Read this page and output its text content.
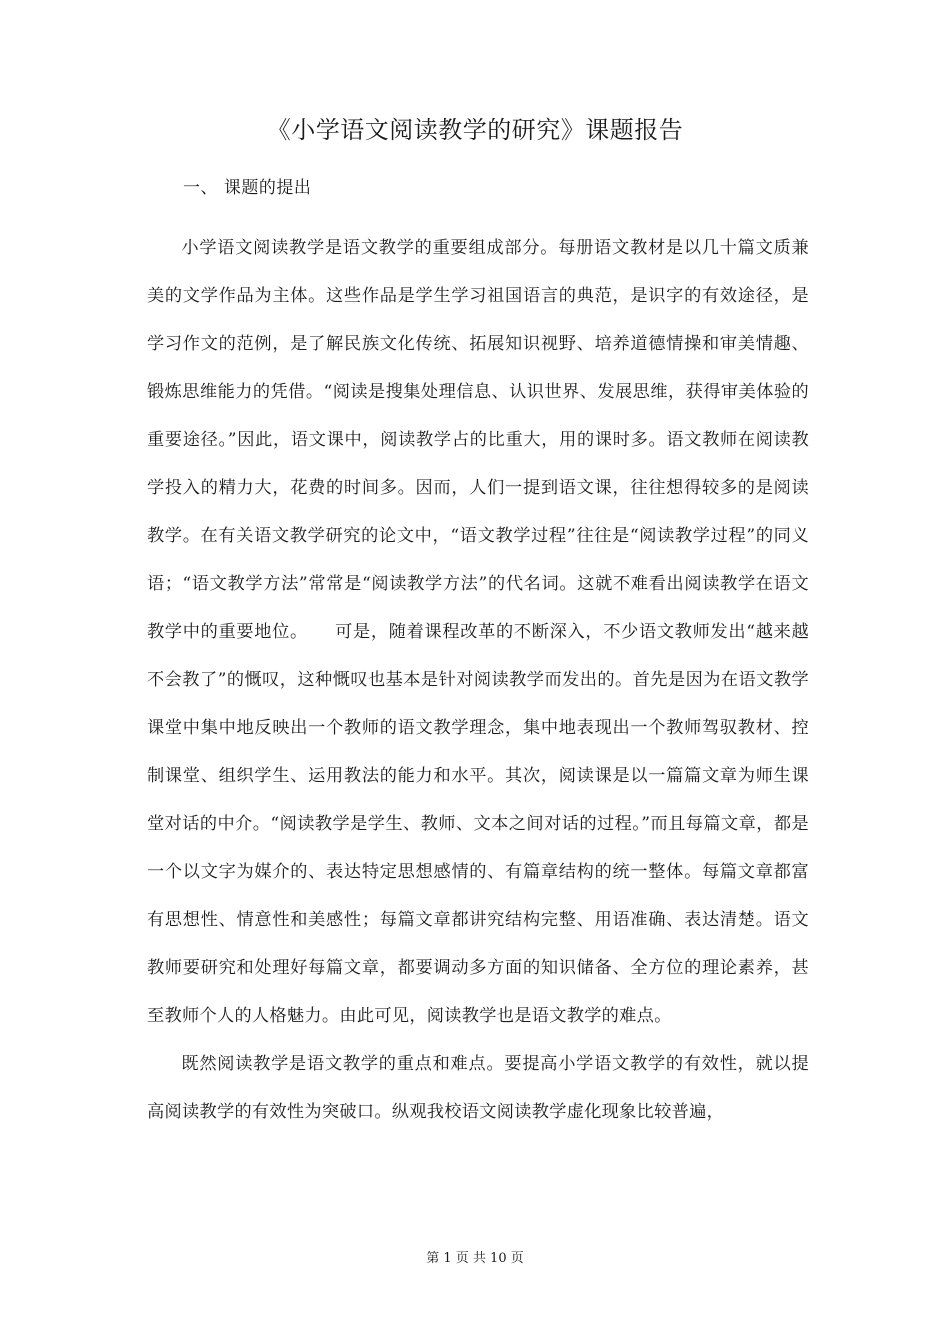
《小学语文阅读教学的研究》课题报告
一、 课题的提出

小学语文阅读教学是语文教学的重要组成部分。每册语文教材是以几十篇文质兼美的文学作品为主体。这些作品是学生学习祖国语言的典范，是识字的有效途径，是学习作文的范例，是了解民族文化传统、拓展知识视野、培养道德情操和审美情趣、锻炼思维能力的凭借。“阅读是搜集处理信息、认识世界、发展思维，获得审美体验的重要途径。”因此，语文课中，阅读教学占的比重大，用的课时多。语文教师在阅读教学投入的精力大，花费的时间多。因而，人们一提到语文课，往往想得较多的是阅读教学。在有关语文教学研究的论文中，“语文教学过程”往往是“阅读教学过程”的同义语；“语文教学方法”常常是“阅读教学方法”的代名词。这就不难看出阅读教学在语文教学中的重要地位。　　可是，随着课程改革的不断深入，不少语文教师发出“越来越不会教了”的慨叹，这种慨叹也基本是针对阅读教学而发出的。首先是因为在语文教学课堂中集中地反映出一个教师的语文教学理念，集中地表现出一个教师驾驭教材、控制课堂、组织学生、运用教法的能力和水平。其次，阅读课是以一篇篇文章为师生课堂对话的中介。“阅读教学是学生、教师、文本之间对话的过程。”而且每篇文章，都是一个以文字为媒介的、表达特定思想感情的、有篇章结构的统一整体。每篇文章都富有思想性、情意性和美感性；每篇文章都讲究结构完整、用语准确、表达清楚。语文教师要研究和处理好每篇文章，都要调动多方面的知识储备、全方位的理论素养，甚至教师个人的人格魅力。由此可见，阅读教学也是语文教学的难点。

既然阅读教学是语文教学的重点和难点。要提高小学语文教学的有效性，就以提高阅读教学的有效性为突破口。纵观我校语文阅读教学虚化现象比较普遍，

第 1 页 共 10 页
